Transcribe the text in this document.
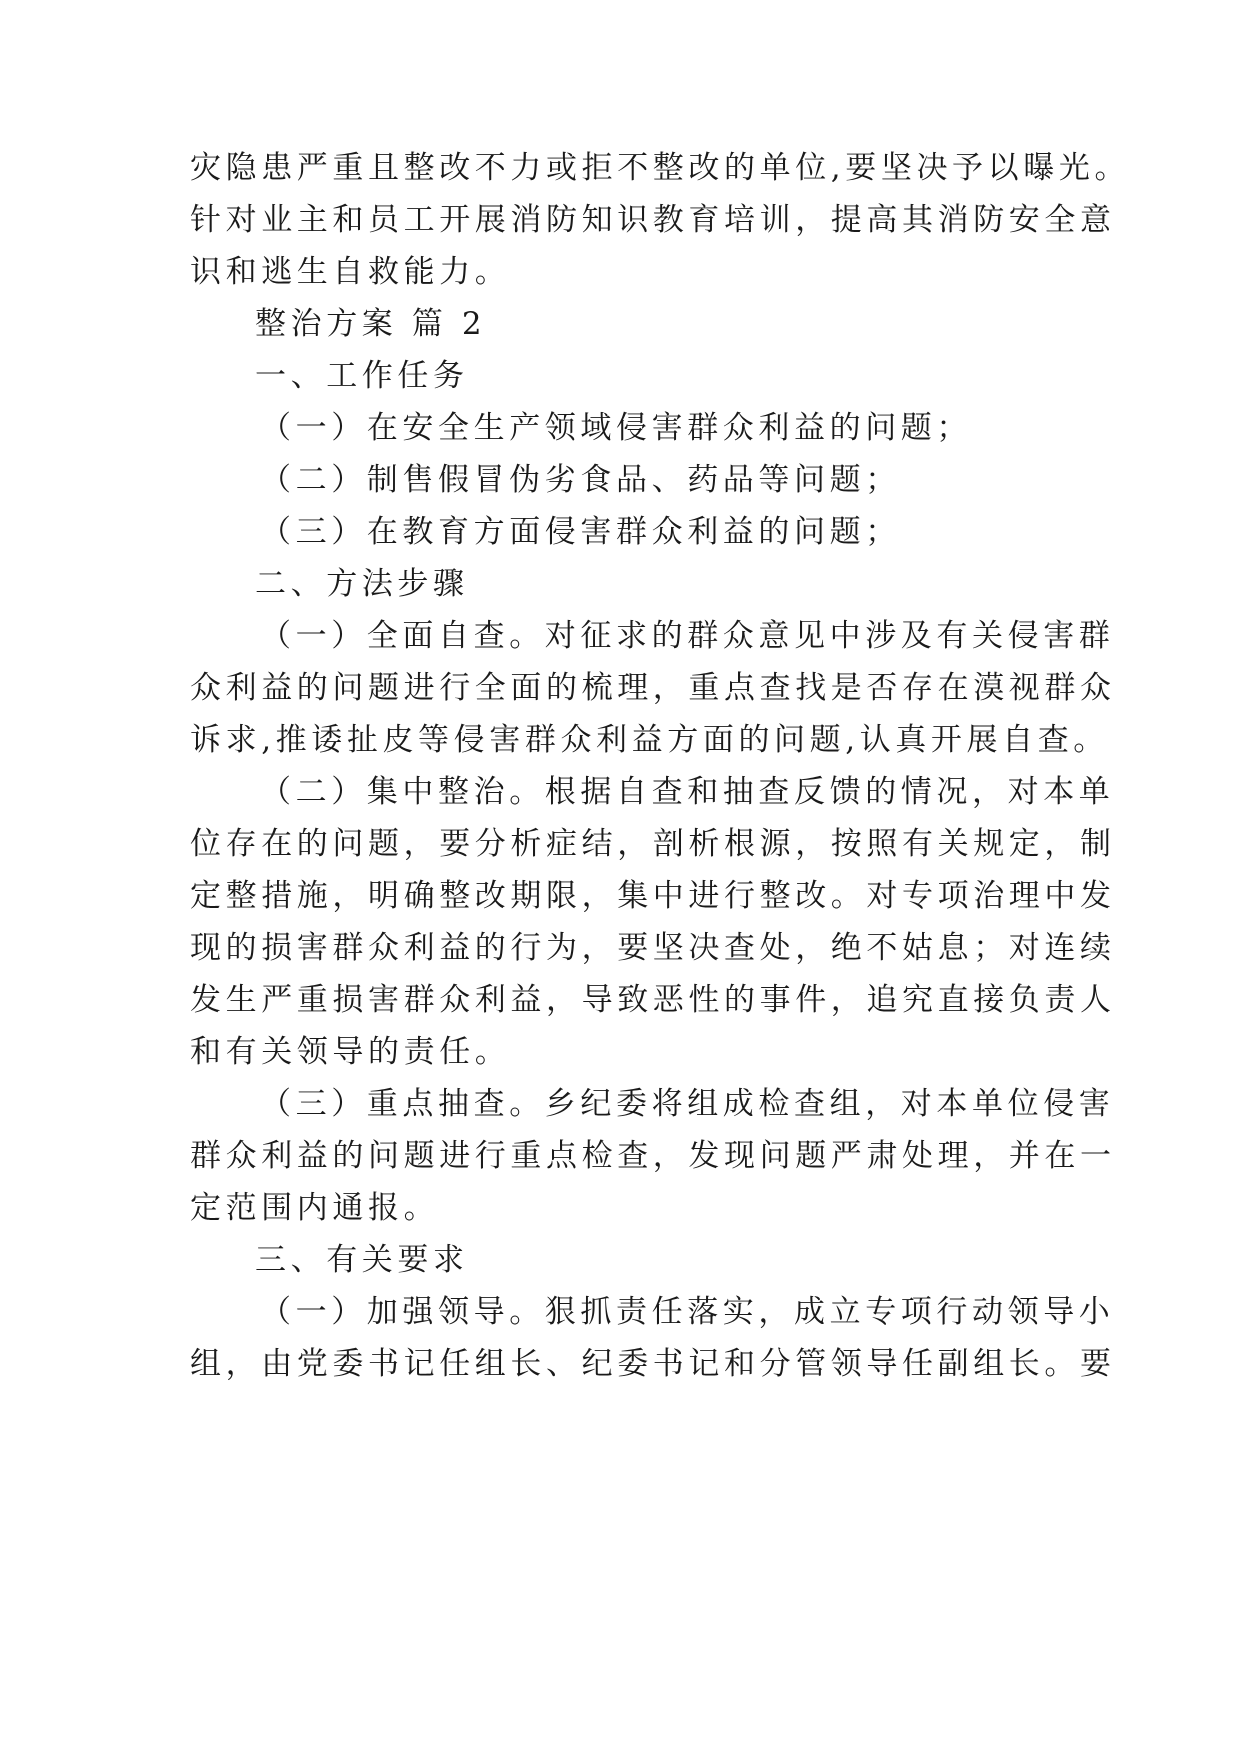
灾隐患严重且整改不力或拒不整改的单位,要坚决予以曝光。
针对业主和员工开展消防知识教育培训，提高其消防安全意
识和逃生自救能力。
整治方案 篇 2
一、工作任务
（一）在安全生产领域侵害群众利益的问题；
（二）制售假冒伪劣食品、药品等问题；
（三）在教育方面侵害群众利益的问题；
二、方法步骤
（一）全面自查。对征求的群众意见中涉及有关侵害群
众利益的问题进行全面的梳理，重点查找是否存在漠视群众
诉求,推诿扯皮等侵害群众利益方面的问题,认真开展自查。
（二）集中整治。根据自查和抽查反馈的情况，对本单
位存在的问题，要分析症结，剖析根源，按照有关规定，制
定整措施，明确整改期限，集中进行整改。对专项治理中发
现的损害群众利益的行为，要坚决查处，绝不姑息；对连续
发生严重损害群众利益，导致恶性的事件，追究直接负责人
和有关领导的责任。
（三）重点抽查。乡纪委将组成检查组，对本单位侵害
群众利益的问题进行重点检查，发现问题严肃处理，并在一
定范围内通报。
三、有关要求
（一）加强领导。狠抓责任落实，成立专项行动领导小
组，由党委书记任组长、纪委书记和分管领导任副组长。要
